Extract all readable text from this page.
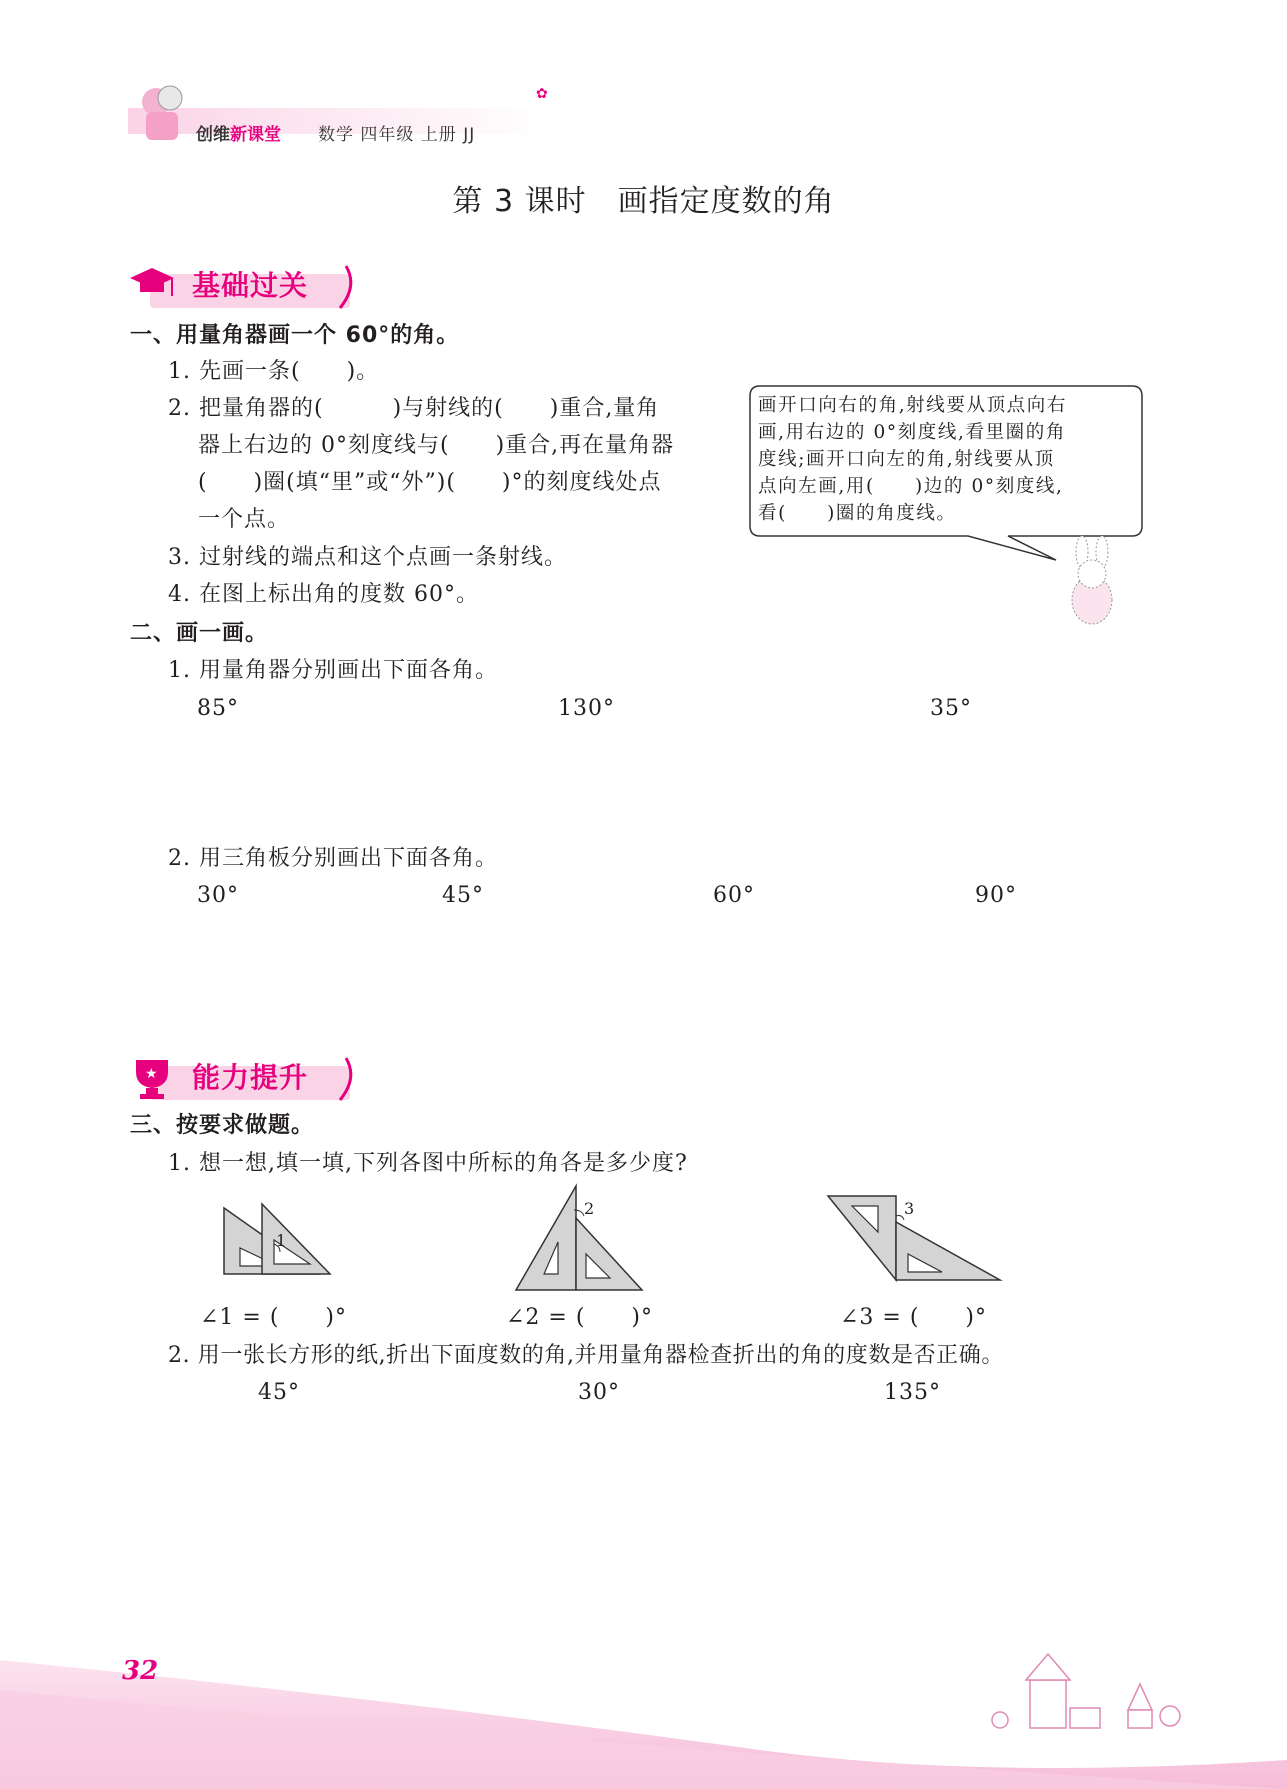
✿
创维新课堂 数学 四年级 上册 JJ
第 3 课时　画指定度数的角
基础过关
一、用量角器画一个 60°的角。
1. 先画一条(　　)。
2. 把量角器的(　　　)与射线的(　　)重合,量角
器上右边的 0°刻度线与(　　)重合,再在量角器
(　　)圈(填“里”或“外”)(　　)°的刻度线处点
一个点。
3. 过射线的端点和这个点画一条射线。
4. 在图上标出角的度数 60°。
画开口向右的角,射线要从顶点向右
画,用右边的 0°刻度线,看里圈的角
度线;画开口向左的角,射线要从顶
点向左画,用(　　)边的 0°刻度线,
看(　　)圈的角度线。
二、画一画。
1. 用量角器分别画出下面各角。
85°	130°	35°
2. 用三角板分别画出下面各角。
30°	45°	60°	90°
★ 能力提升
三、按要求做题。
1. 想一想,填一填,下列各图中所标的角各是多少度?
1
2	3
∠1 = (　　)°	∠2 = (　　)°	∠3 = (　　)°
2. 用一张长方形的纸,折出下面度数的角,并用量角器检查折出的角的度数是否正确。
45°	30°	135°
32
